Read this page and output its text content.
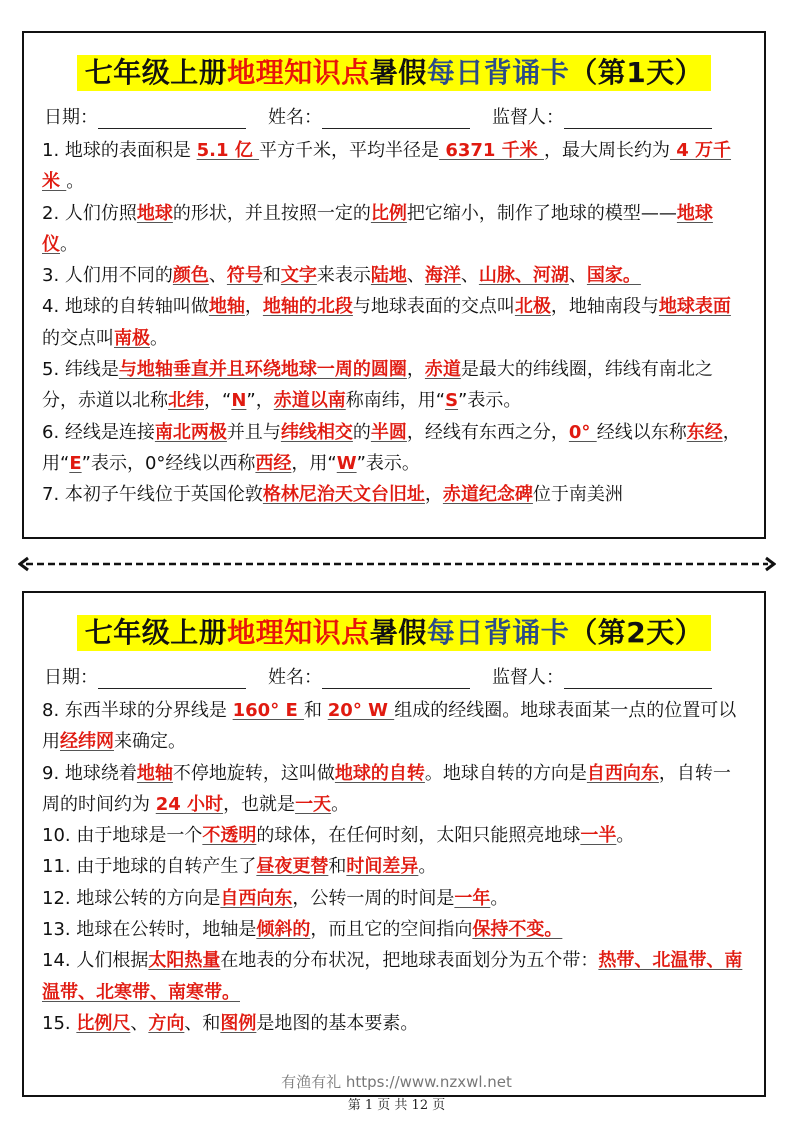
七年级上册地理知识点暑假每日背诵卡（第1天）
日期：	姓名：	监督人：

1. 地球的表面积是 5.1 亿 平方千米，平均半径是 6371 千米 ，最大周长约为 4 万千米 。

2. 人们仿照地球的形状，并且按照一定的比例把它缩小，制作了地球的模型——地球仪。

3. 人们用不同的颜色、符号和文字来表示陆地、海洋、山脉、河湖、国家。

4. 地球的自转轴叫做地轴，地轴的北段与地球表面的交点叫北极，地轴南段与地球表面的交点叫南极。

5. 纬线是与地轴垂直并且环绕地球一周的圆圈，赤道是最大的纬线圈，纬线有南北之分，赤道以北称北纬，“N”，赤道以南称南纬，用“S”表示。

6. 经线是连接南北两极并且与纬线相交的半圆，经线有东西之分，0° 经线以东称东经，用“E”表示，0°经线以西称西经，用“W”表示。

7. 本初子午线位于英国伦敦格林尼治天文台旧址，赤道纪念碑位于南美洲

七年级上册地理知识点暑假每日背诵卡（第2天）
日期：	姓名：	监督人：

8. 东西半球的分界线是 160° E 和 20° W 组成的经线圈。地球表面某一点的位置可以用经纬网来确定。

9. 地球绕着地轴不停地旋转，这叫做地球的自转。地球自转的方向是自西向东，自转一周的时间约为 24 小时，也就是一天。

10. 由于地球是一个不透明的球体，在任何时刻，太阳只能照亮地球一半。

11. 由于地球的自转产生了昼夜更替和时间差异。

12. 地球公转的方向是自西向东，公转一周的时间是一年。

13. 地球在公转时，地轴是倾斜的，而且它的空间指向保持不变。

14. 人们根据太阳热量在地表的分布状况，把地球表面划分为五个带：热带、北温带、南温带、北寒带、南寒带。

15. 比例尺、方向、和图例是地图的基本要素。

有渔有礼 https://www.nzxwl.net
第 1 页 共 12 页
